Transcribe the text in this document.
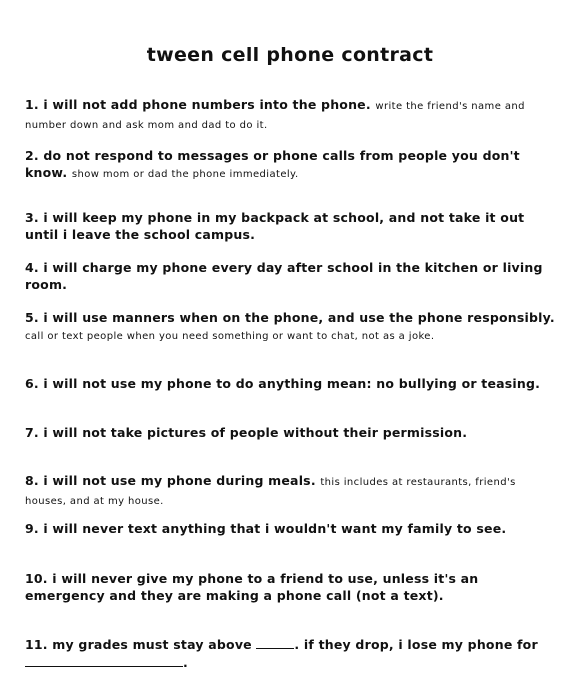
tween cell phone contract
1. i will not add phone numbers into the phone. write the friend's name and number down and ask mom and dad to do it.
2. do not respond to messages or phone calls from people you don't know. show mom or dad the phone immediately.
3. i will keep my phone in my backpack at school, and not take it out until i leave the school campus.
4. i will charge my phone every day after school in the kitchen or living room.
5. i will use manners when on the phone, and use the phone responsibly. call or text people when you need something or want to chat, not as a joke.
6. i will not use my phone to do anything mean: no bullying or teasing.
7. i will not take pictures of people without their permission.
8. i will not use my phone during meals. this includes at restaurants, friend's houses, and at my house.
9. i will never text anything that i wouldn't want my family to see.
10. i will never give my phone to a friend to use, unless it's an emergency and they are making a phone call (not a text).
11. my grades must stay above	. if they drop, i lose my phone for .
